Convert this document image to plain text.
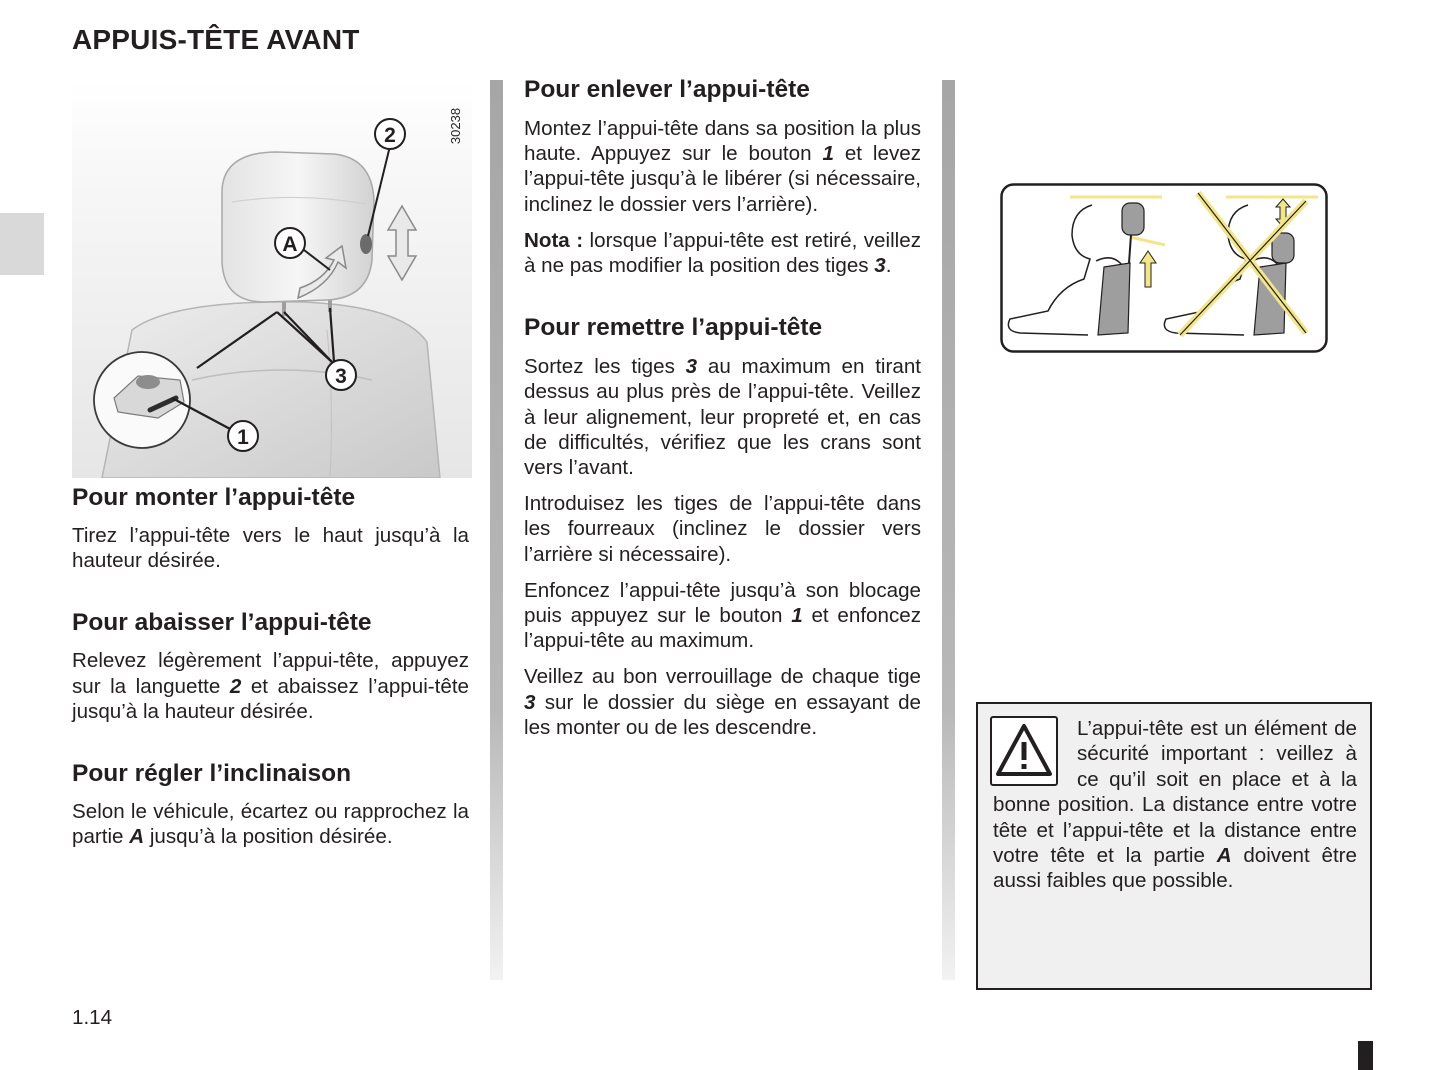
APPUIS-TÊTE AVANT
2
A
3
1
30238
Pour monter l’appui-tête

Tirez l’appui-tête vers le haut jusqu’à la hauteur désirée.

Pour abaisser l’appui-tête

Relevez légèrement l’appui-tête, appuyez sur la languette 2 et abaissez l’appui-tête jusqu’à la hauteur désirée.

Pour régler l’inclinaison

Selon le véhicule, écartez ou rapprochez la partie A jusqu’à la position désirée.

Pour enlever l’appui-tête

Montez l’appui-tête dans sa position la plus haute. Appuyez sur le bouton 1 et levez l’appui-tête jusqu’à le libérer (si nécessaire, inclinez le dossier vers l’arrière).

Nota : lorsque l’appui-tête est retiré, veillez à ne pas modifier la position des tiges 3.

Pour remettre l’appui-tête

Sortez les tiges 3 au maximum en tirant dessus au plus près de l’appui-tête. Veillez à leur alignement, leur propreté et, en cas de difficultés, vérifiez que les crans sont vers l’avant.

Introduisez les tiges de l’appui-tête dans les fourreaux (inclinez le dossier vers l’arrière si nécessaire).

Enfoncez l’appui-tête jusqu’à son blocage puis appuyez sur le bouton 1 et enfoncez l’appui-tête au maximum.

Veillez au bon verrouillage de chaque tige 3 sur le dossier du siège en essayant de les monter ou de les descendre.	L’appui-tête est un élément de sécurité important : veillez à ce qu’il soit en place et à la bonne position. La distance entre votre tête et l’appui-tête et la distance entre votre tête et la partie A doivent être aussi faibles que possible.

1.14
